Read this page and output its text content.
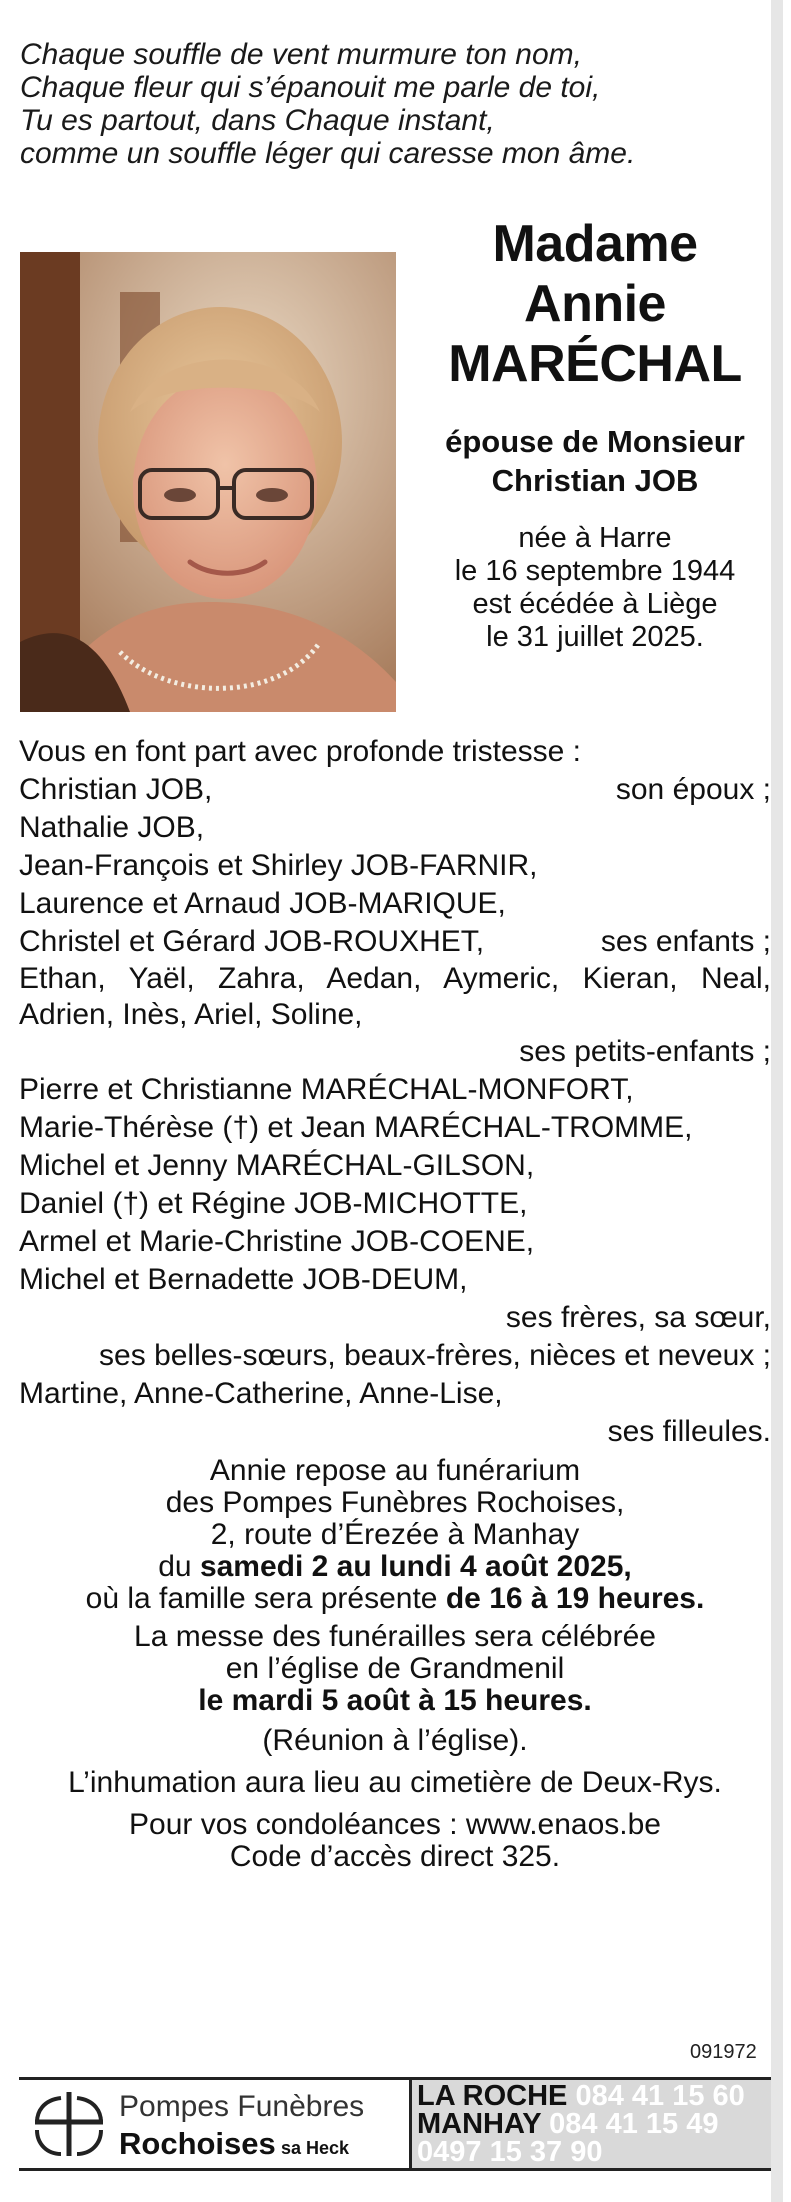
Chaque souffle de vent murmure ton nom,
Chaque fleur qui s’épanouit me parle de toi,
Tu es partout, dans Chaque instant,
comme un souffle léger qui caresse mon âme.
Madame
Annie
MARÉCHAL
épouse de Monsieur
Christian JOB
née à Harre
le 16 septembre 1944
est écédée à Liège
le 31 juillet 2025.
Vous en font part avec profonde tristesse :
Christian JOB,	son époux ;
Nathalie JOB,
Jean-François et Shirley JOB-FARNIR,
Laurence et Arnaud JOB-MARIQUE,
Christel et Gérard JOB-ROUXHET,	ses enfants ;
Ethan, Yaël, Zahra, Aedan, Aymeric, Kieran, Neal, Adrien, Inès, Ariel, Soline,
ses petits-enfants ;
Pierre et Christianne MARÉCHAL-MONFORT,
Marie-Thérèse (†) et Jean MARÉCHAL-TROMME,
Michel et Jenny MARÉCHAL-GILSON,
Daniel (†) et Régine JOB-MICHOTTE,
Armel et Marie-Christine JOB-COENE,
Michel et Bernadette JOB-DEUM,
ses frères, sa sœur,
ses belles-sœurs, beaux-frères, nièces et neveux ;
Martine, Anne-Catherine, Anne-Lise,
ses filleules.
Annie repose au funérarium
des Pompes Funèbres Rochoises,
2, route d’Érezée à Manhay
du samedi 2 au lundi 4 août 2025,
où la famille sera présente de 16 à 19 heures.
La messe des funérailles sera célébrée
en l’église de Grandmenil
le mardi 5 août à 15 heures.
(Réunion à l’église).
L’inhumation aura lieu au cimetière de Deux-Rys.
Pour vos condoléances : www.enaos.be
Code d’accès direct 325.
091972
Pompes Funèbres
Rochoises sa Heck
LA ROCHE 084 41 15 60
MANHAY 084 41 15 49
0497 15 37 90
